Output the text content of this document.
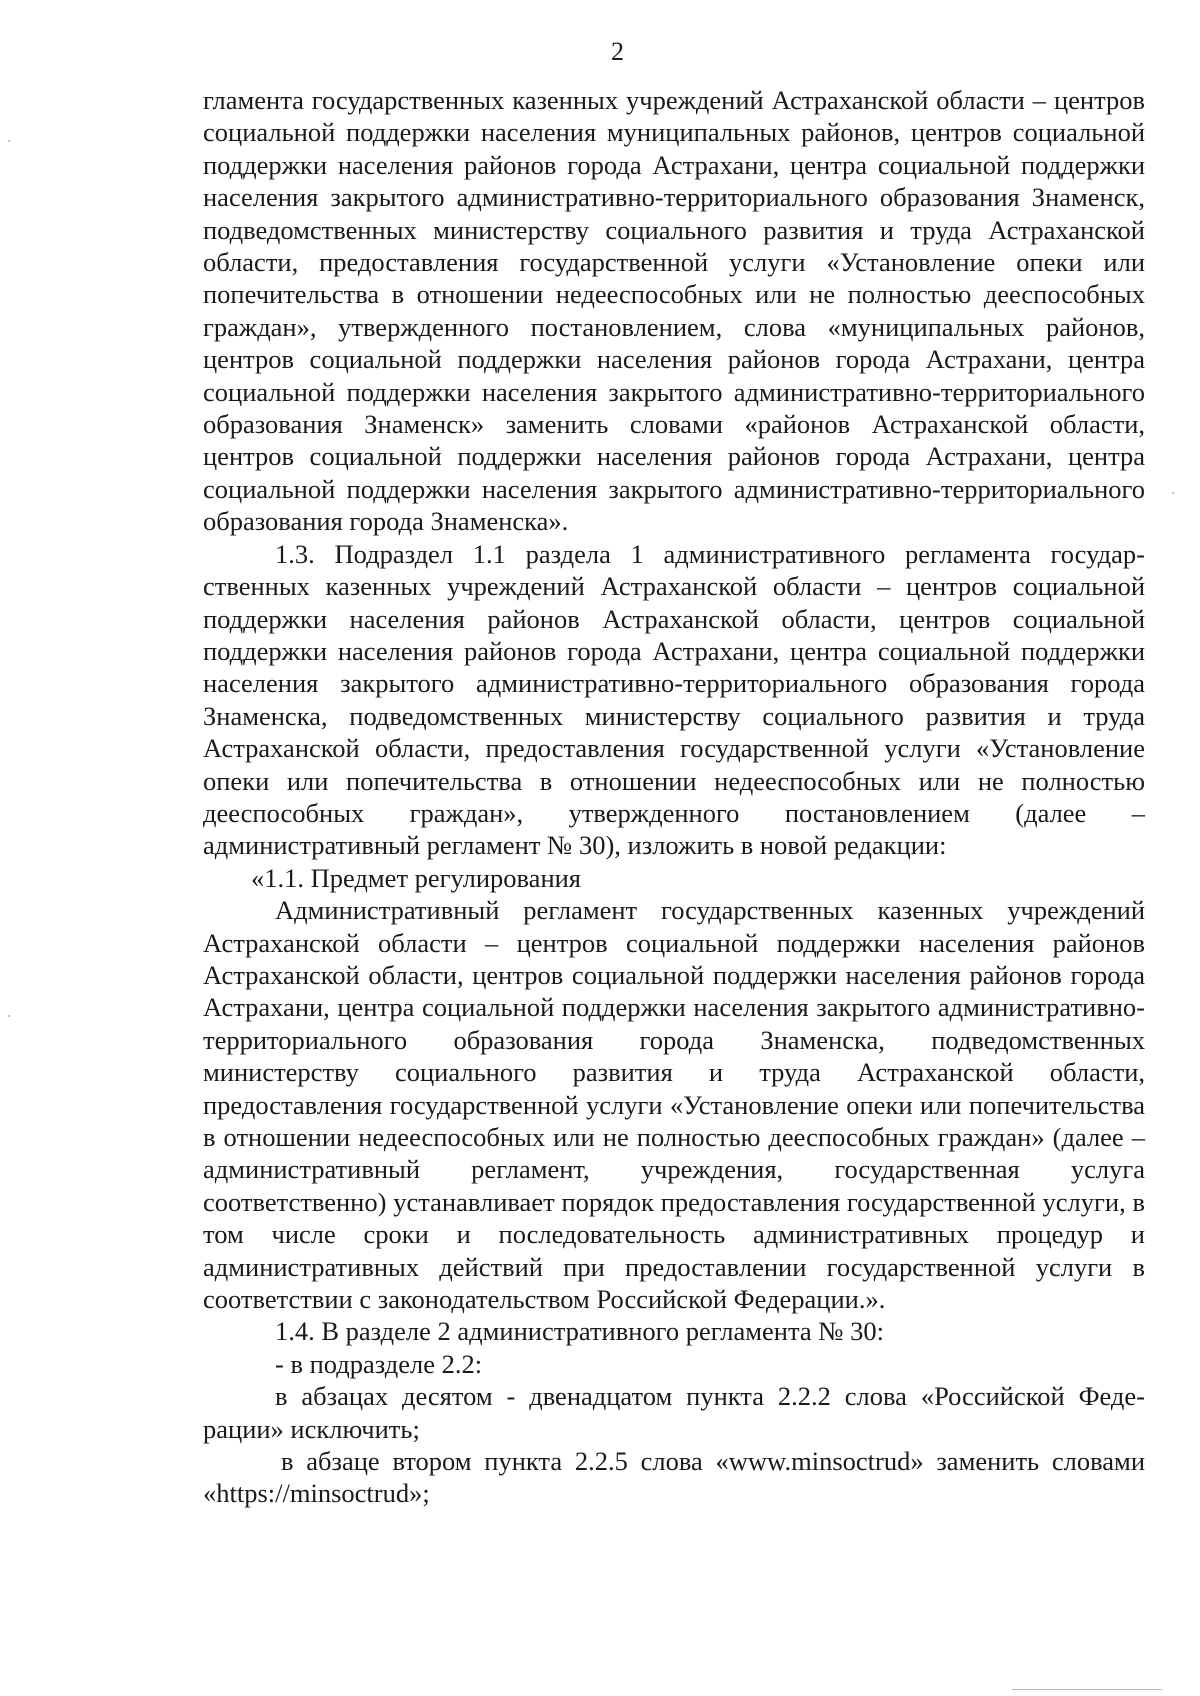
2

гламента государственных казенных учреждений Астраханской области – центров социальной поддержки населения муниципальных районов, центров социальной поддержки населения районов города Астрахани, центра социальной поддержки населения закрытого административно-территориального образования Знаменск, подведомственных министерству социального развития и труда Астраханской области, предоставления государственной услуги «Установление опеки или попечительства в отношении недееспособных или не полностью дееспособных граждан», утвержденного постановлением, слова «муниципальных районов, центров социальной поддержки населения районов города Астрахани, центра социальной поддержки населения закрытого административно-территориального образования Знаменск» заменить словами «районов Астраханской области, центров социальной поддержки населения районов города Астрахани, центра социальной поддержки населения закрытого административно-территориального образования города Знаменска».

1.3. Подраздел 1.1 раздела 1 административного регламента государственных казенных учреждений Астраханской области – центров социальной поддержки населения районов Астраханской области, центров социальной поддержки населения районов города Астрахани, центра социальной поддержки населения закрытого административно-территориального образования города Знаменска, подведомственных министерству социального развития и труда Астраханской области, предоставления государственной услуги «Установление опеки или попечительства в отношении недееспособных или не полностью дееспособных граждан», утвержденного постановлением (далее – административный регламент № 30), изложить в новой редакции:

«1.1. Предмет регулирования

Административный регламент государственных казенных учреждений Астраханской области – центров социальной поддержки населения районов Астраханской области, центров социальной поддержки населения районов города Астрахани, центра социальной поддержки населения закрытого административно-территориального образования города Знаменска, подведомственных министерству социального развития и труда Астраханской области, предоставления государственной услуги «Установление опеки или попечительства в отношении недееспособных или не полностью дееспособных граждан» (далее – административный регламент, учреждения, государственная услуга соответственно) устанавливает порядок предоставления государственной услуги, в том числе сроки и последовательность административных процедур и административных действий при предоставлении государственной услуги в соответствии с законодательством Российской Федерации.».

1.4. В разделе 2 административного регламента № 30:

- в подразделе 2.2:

в абзацах десятом - двенадцатом пункта 2.2.2 слова «Российской Федерации» исключить;

в абзаце втором пункта 2.2.5 слова «www.minsoctrud» заменить словами «https://minsoctrud»;
